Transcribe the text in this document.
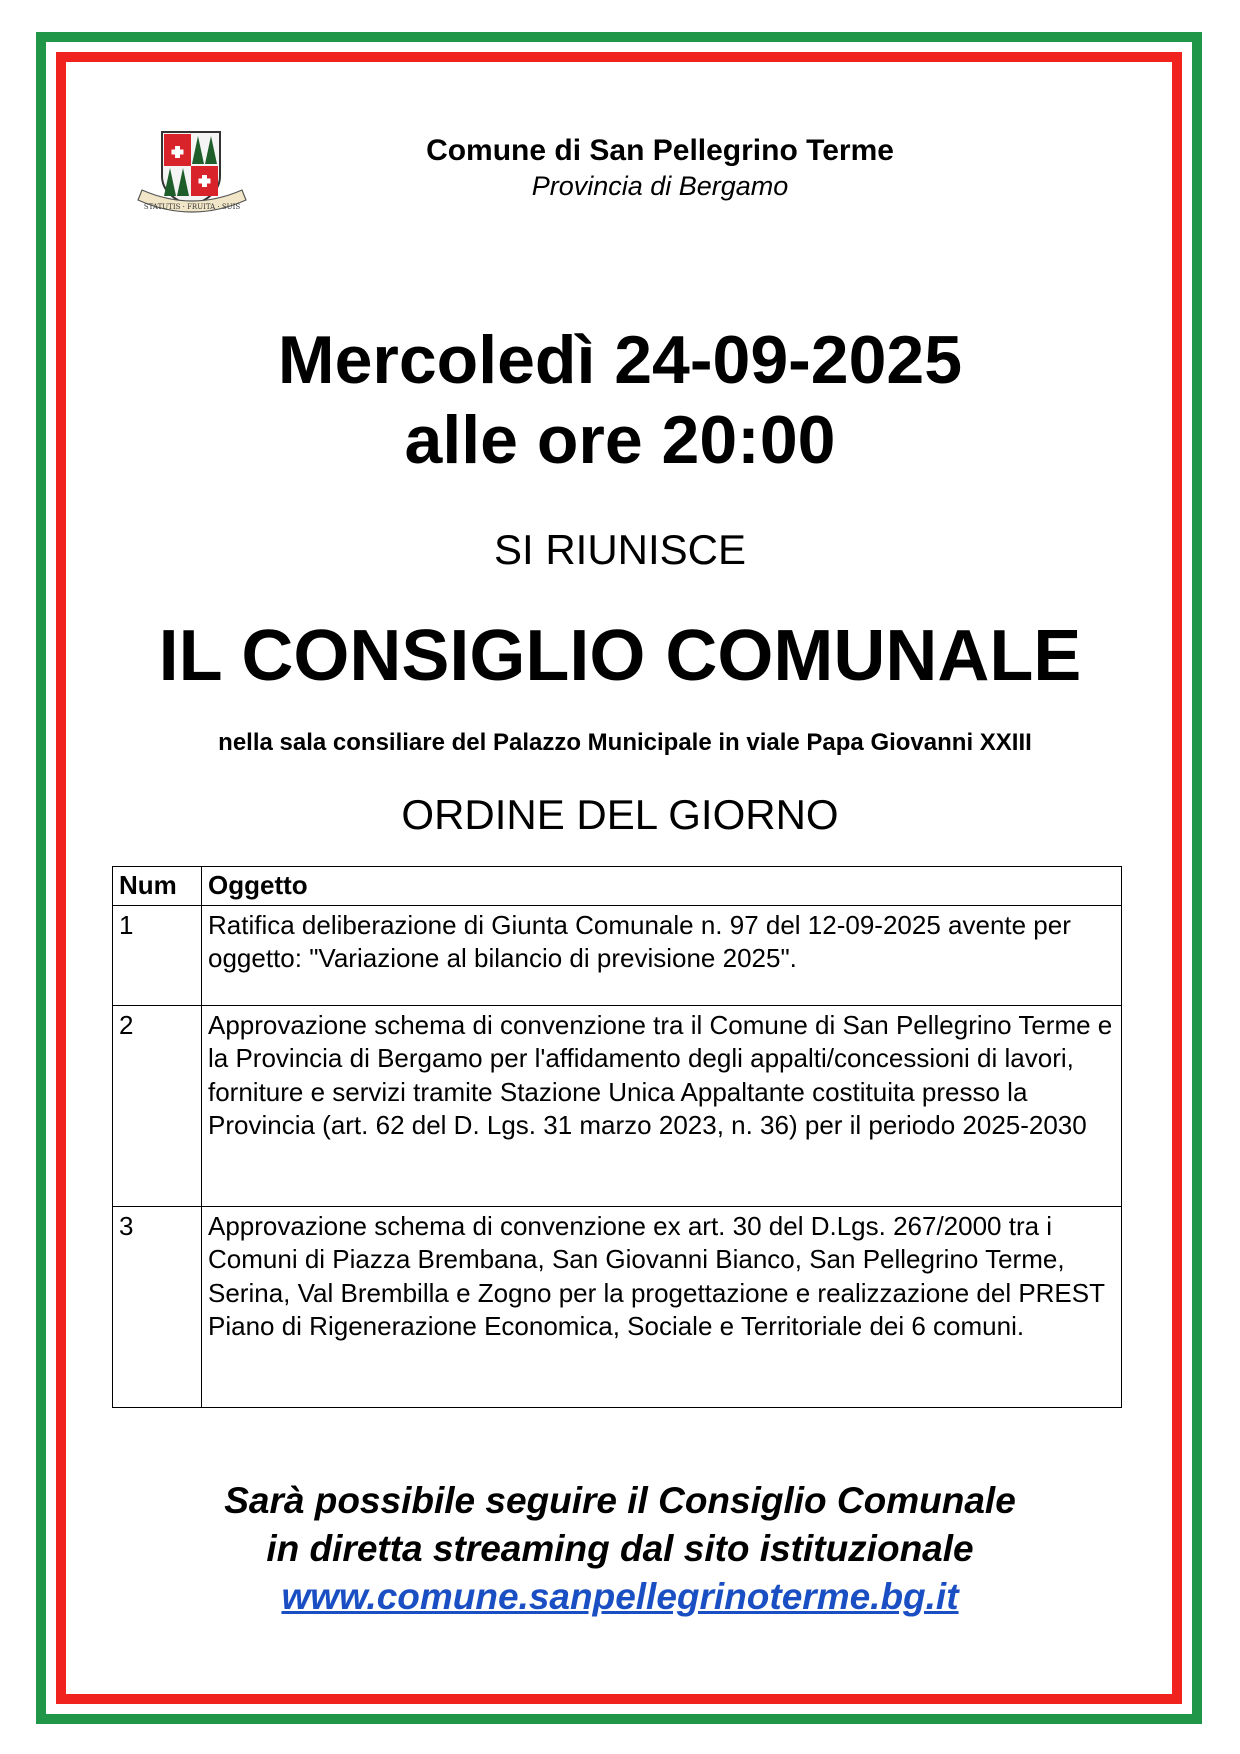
STATUTIS · FRUITA · SUIS
Comune di San Pellegrino Terme
Provincia di Bergamo
Mercoledì 24-09-2025
alle ore 20:00
SI RIUNISCE
IL CONSIGLIO COMUNALE
nella sala consiliare del Palazzo Municipale in viale Papa Giovanni XXIII
ORDINE DEL GIORNO
Num	Oggetto
1	Ratifica deliberazione di Giunta Comunale n. 97 del 12-09-2025 avente per oggetto: "Variazione al bilancio di previsione 2025".
2	Approvazione schema di convenzione tra il Comune di San Pellegrino Terme e la Provincia di Bergamo per l'affidamento degli appalti/concessioni di lavori, forniture e servizi tramite Stazione Unica Appaltante costituita presso la Provincia (art. 62 del D. Lgs. 31 marzo 2023, n. 36) per il periodo 2025-2030
3	Approvazione schema di convenzione ex art. 30 del D.Lgs. 267/2000 tra i Comuni di Piazza Brembana, San Giovanni Bianco, San Pellegrino Terme, Serina, Val Brembilla e Zogno per la progettazione e realizzazione del PREST   Piano di Rigenerazione Economica, Sociale e Territoriale dei 6 comuni.
Sarà possibile seguire il Consiglio Comunale
in diretta streaming dal sito istituzionale
www.comune.sanpellegrinoterme.bg.it
